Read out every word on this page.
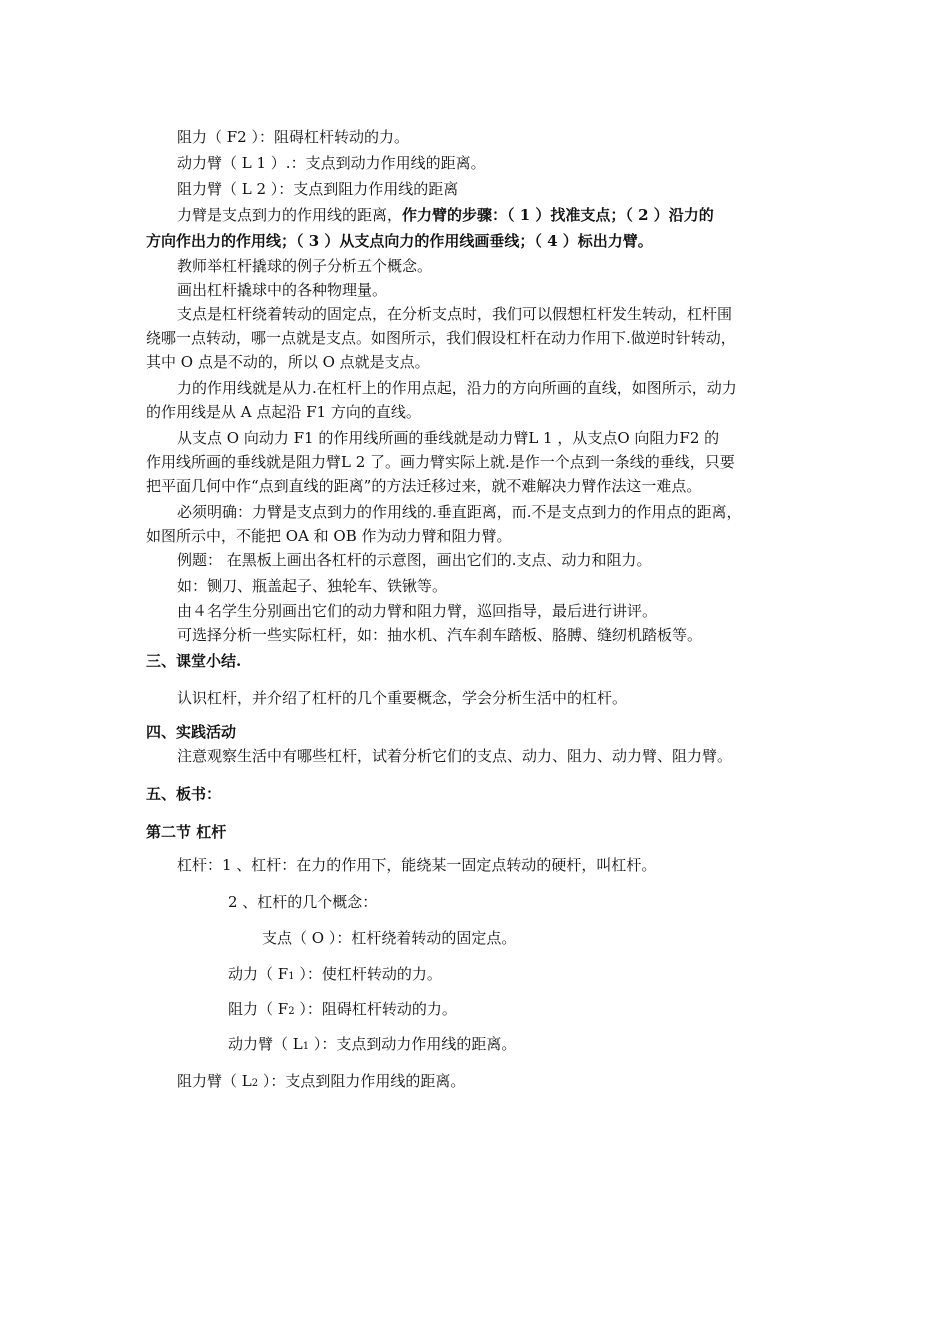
阻力（ F2 ）：阻碍杠杆转动的力。
动力臂（ L 1 ）.：支点到动力作用线的距离。
阻力臂（ L 2 ）：支点到阻力作用线的距离
力臂是支点到力的作用线的距离，作力臂的步骤：（ 1 ）找准支点；（ 2 ）沿力的
方向作出力的作用线；（ 3 ）从支点向力的作用线画垂线；（ 4 ）标出力臂。
教师举杠杆撬球的例子分析五个概念。
画出杠杆撬球中的各种物理量。
支点是杠杆绕着转动的固定点，在分析支点时，我们可以假想杠杆发生转动，杠杆围
绕哪一点转动，哪一点就是支点。如图所示，我们假设杠杆在动力作用下.做逆时针转动，
其中 O 点是不动的，所以 O 点就是支点。
力的作用线就是从力.在杠杆上的作用点起，沿力的方向所画的直线，如图所示，动力
的作用线是从 A 点起沿 F1 方向的直线。
从支点 O 向动力 F1 的作用线所画的垂线就是动力臂L 1 ，从支点O 向阻力F2 的
作用线所画的垂线就是阻力臂L 2 了。画力臂实际上就.是作一个点到一条线的垂线，只要
把平面几何中作“点到直线的距离”的方法迁移过来，就不难解决力臂作法这一难点。
必须明确：力臂是支点到力的作用线的.垂直距离，而.不是支点到力的作用点的距离，
如图所示中，不能把 OA 和 OB 作为动力臂和阻力臂。
例题： 在黑板上画出各杠杆的示意图，画出它们的.支点、动力和阻力。
如：铡刀、瓶盖起子、独轮车、铁锹等。
由４名学生分别画出它们的动力臂和阻力臂，巡回指导，最后进行讲评。
可选择分析一些实际杠杆，如：抽水机、汽车刹车踏板、胳膊、缝纫机踏板等。
三、课堂小结.
认识杠杆，并介绍了杠杆的几个重要概念，学会分析生活中的杠杆。
四、实践活动
注意观察生活中有哪些杠杆，试着分析它们的支点、动力、阻力、动力臂、阻力臂。
五、板书：
第二节 杠杆
杠杆：1 、杠杆：在力的作用下，能绕某一固定点转动的硬杆，叫杠杆。
2 、杠杆的几个概念：
支点（ O ）：杠杆绕着转动的固定点。
动力（ F1 ）：使杠杆转动的力。
阻力（ F2 ）：阻碍杠杆转动的力。
动力臂（ L1 ）：支点到动力作用线的距离。
阻力臂（ L2 ）：支点到阻力作用线的距离。
